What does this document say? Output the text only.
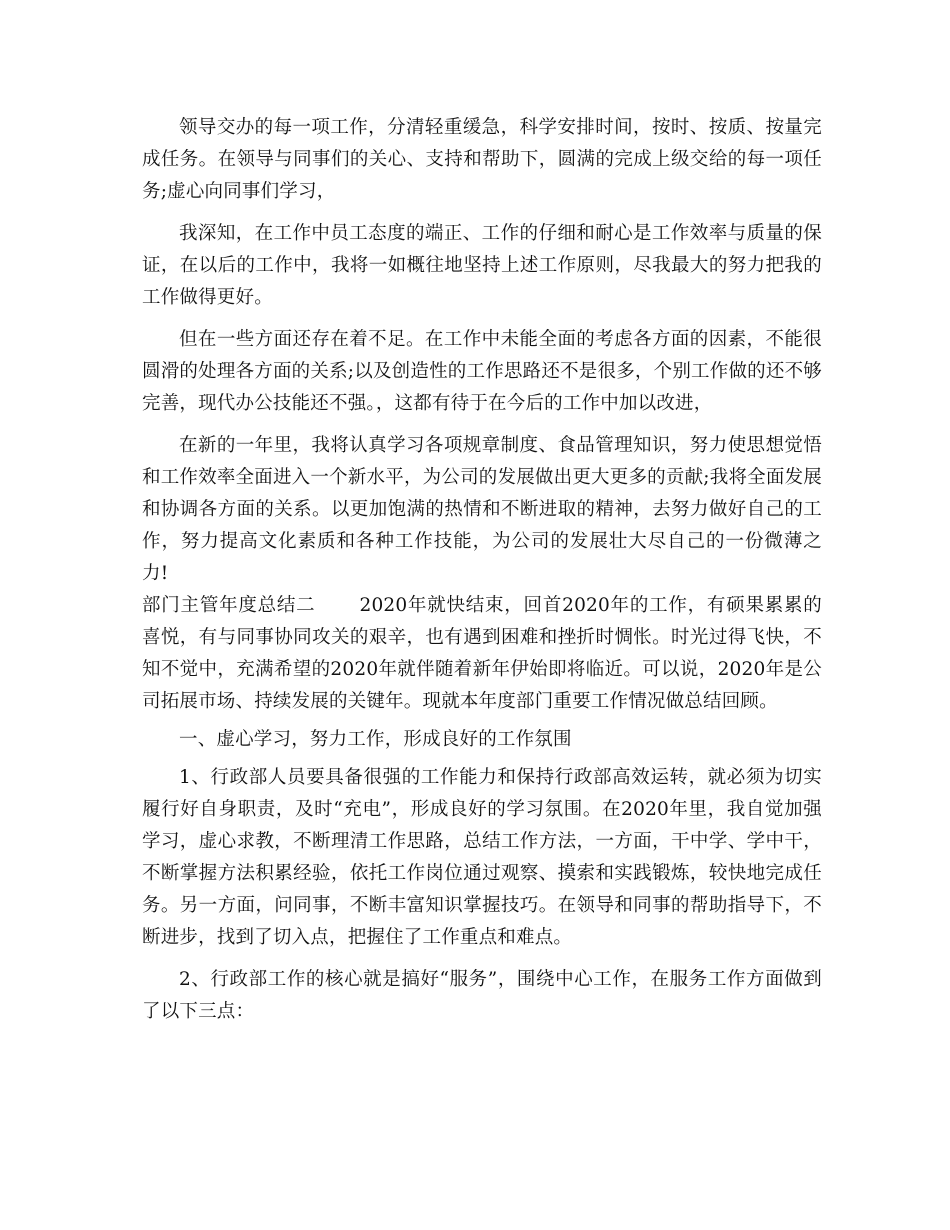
领导交办的每一项工作，分清轻重缓急，科学安排时间，按时、按质、按量完成任务。在领导与同事们的关心、支持和帮助下，圆满的完成上级交给的每一项任务;虚心向同事们学习，

我深知，在工作中员工态度的端正、工作的仔细和耐心是工作效率与质量的保证，在以后的工作中，我将一如概往地坚持上述工作原则，尽我最大的努力把我的工作做得更好。

但在一些方面还存在着不足。在工作中未能全面的考虑各方面的因素，不能很圆滑的处理各方面的关系;以及创造性的工作思路还不是很多，个别工作做的还不够完善，现代办公技能还不强。，这都有待于在今后的工作中加以改进，

在新的一年里，我将认真学习各项规章制度、食品管理知识，努力使思想觉悟和工作效率全面进入一个新水平，为公司的发展做出更大更多的贡献;我将全面发展和协调各方面的关系。以更加饱满的热情和不断进取的精神，去努力做好自己的工作，努力提高文化素质和各种工作技能，为公司的发展壮大尽自己的一份微薄之力!

部门主管年度总结二 2020年就快结束，回首2020年的工作，有硕果累累的喜悦，有与同事协同攻关的艰辛，也有遇到困难和挫折时惆怅。时光过得飞快，不知不觉中，充满希望的2020年就伴随着新年伊始即将临近。可以说，2020年是公司拓展市场、持续发展的关键年。现就本年度部门重要工作情况做总结回顾。

一、虚心学习，努力工作，形成良好的工作氛围

1、行政部人员要具备很强的工作能力和保持行政部高效运转，就必须为切实履行好自身职责，及时“充电”，形成良好的学习氛围。在2020年里，我自觉加强学习，虚心求教，不断理清工作思路，总结工作方法，一方面，干中学、学中干，不断掌握方法积累经验，依托工作岗位通过观察、摸索和实践锻炼，较快地完成任务。另一方面，问同事，不断丰富知识掌握技巧。在领导和同事的帮助指导下，不断进步，找到了切入点，把握住了工作重点和难点。

2、行政部工作的核心就是搞好“服务”，围绕中心工作，在服务工作方面做到了以下三点：
